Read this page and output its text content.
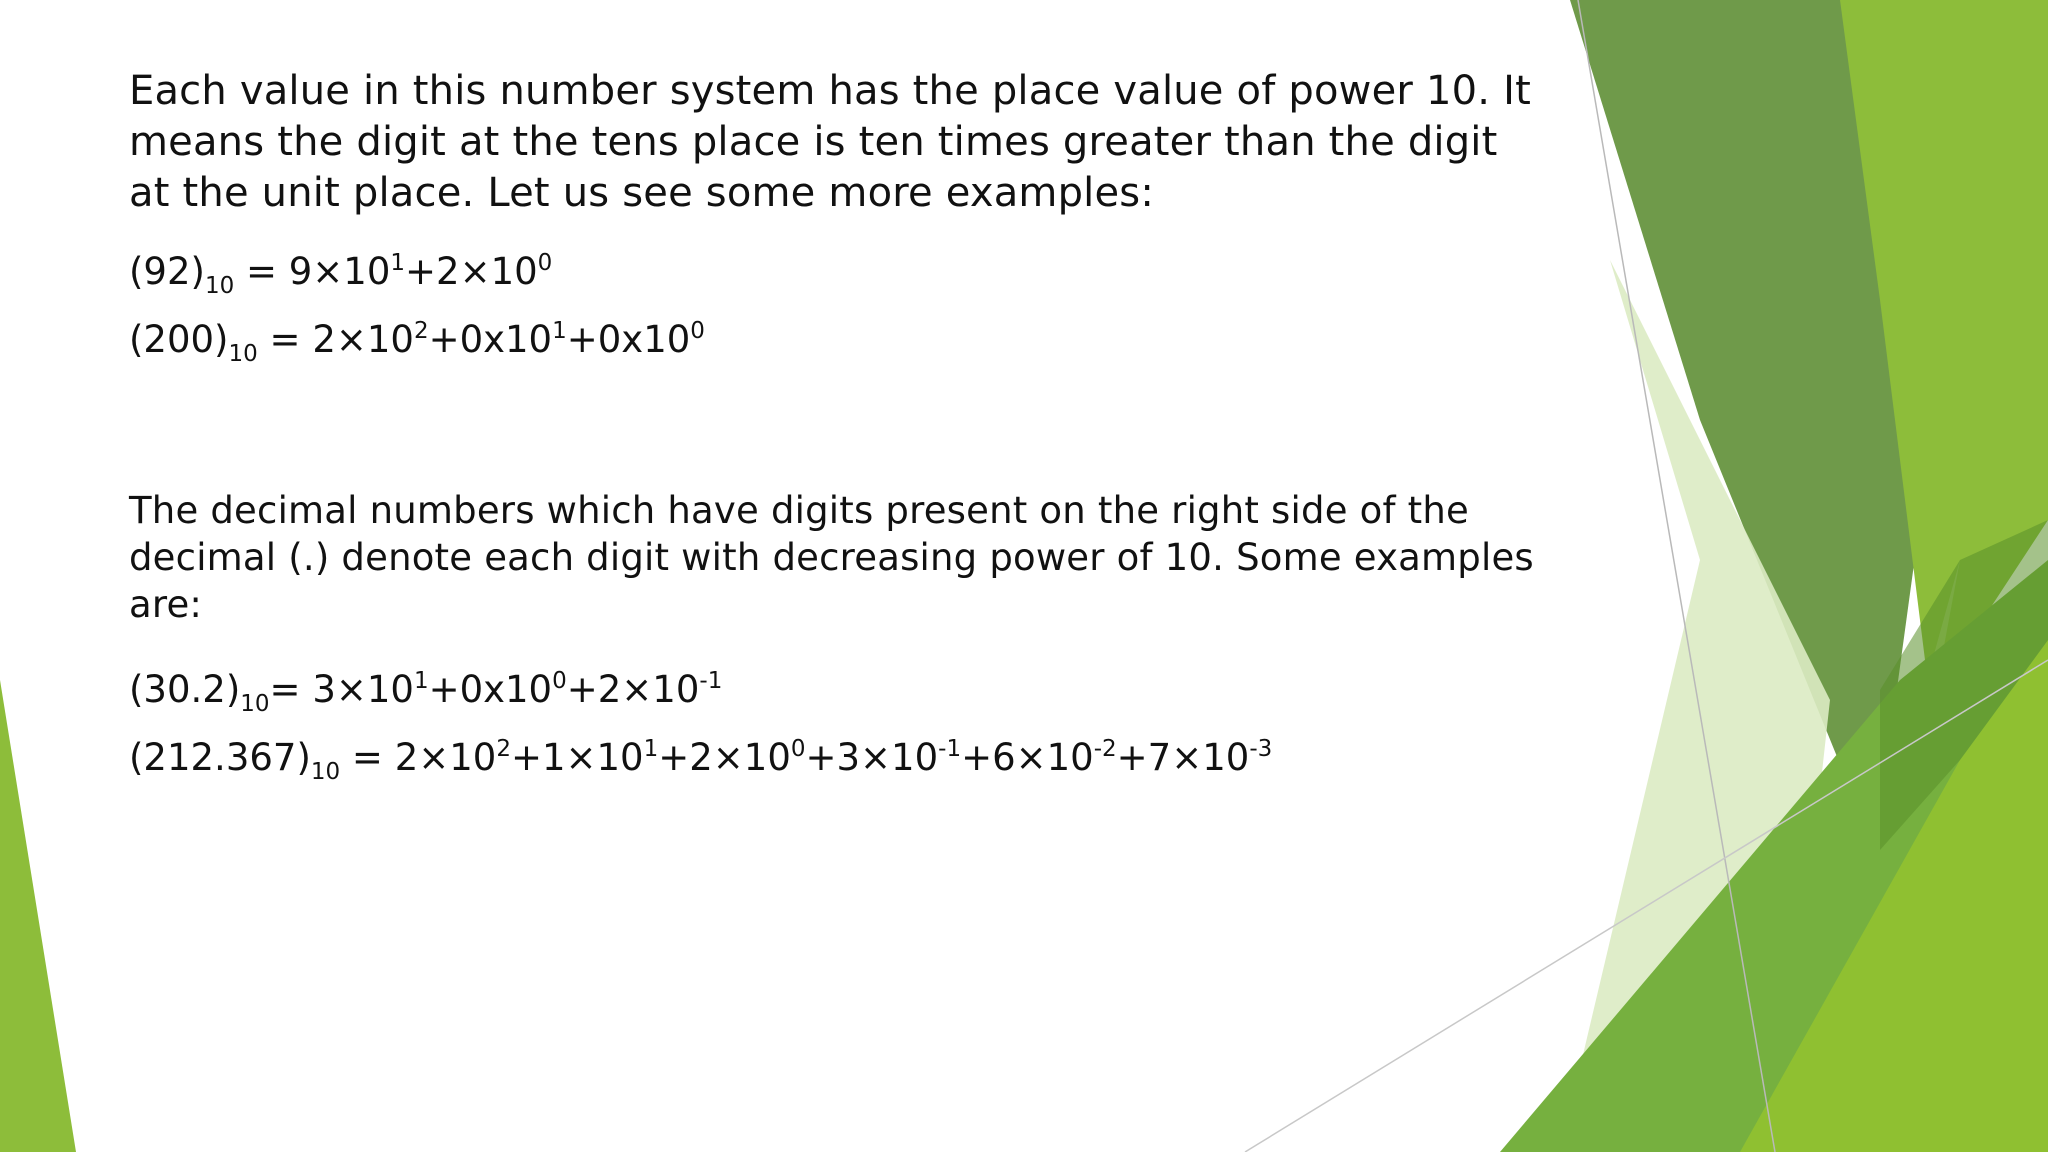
Each value in this number system has the place value of power 10. It means the digit at the tens place is ten times greater than the digit at the unit place. Let us see some more examples:

$(92)_{10} = 9\times 10^1+2\times 10^0$
$(200)_{10} = 2\times 10^2+0x10^1+0x10^0$

The decimal numbers which have digits present on the right side of the decimal (.) denote each digit with decreasing power of 10. Some examples are:

$(30.2)_{10}= 3\times 10^1+0x10^0+2\times 10^{-1}$
$(212.367)_{10} = 2\times 10^2+1\times 10^1+2\times 10^0+3\times 10^{-1}+6\times 10^{-2}+7\times 10^{-3}$
